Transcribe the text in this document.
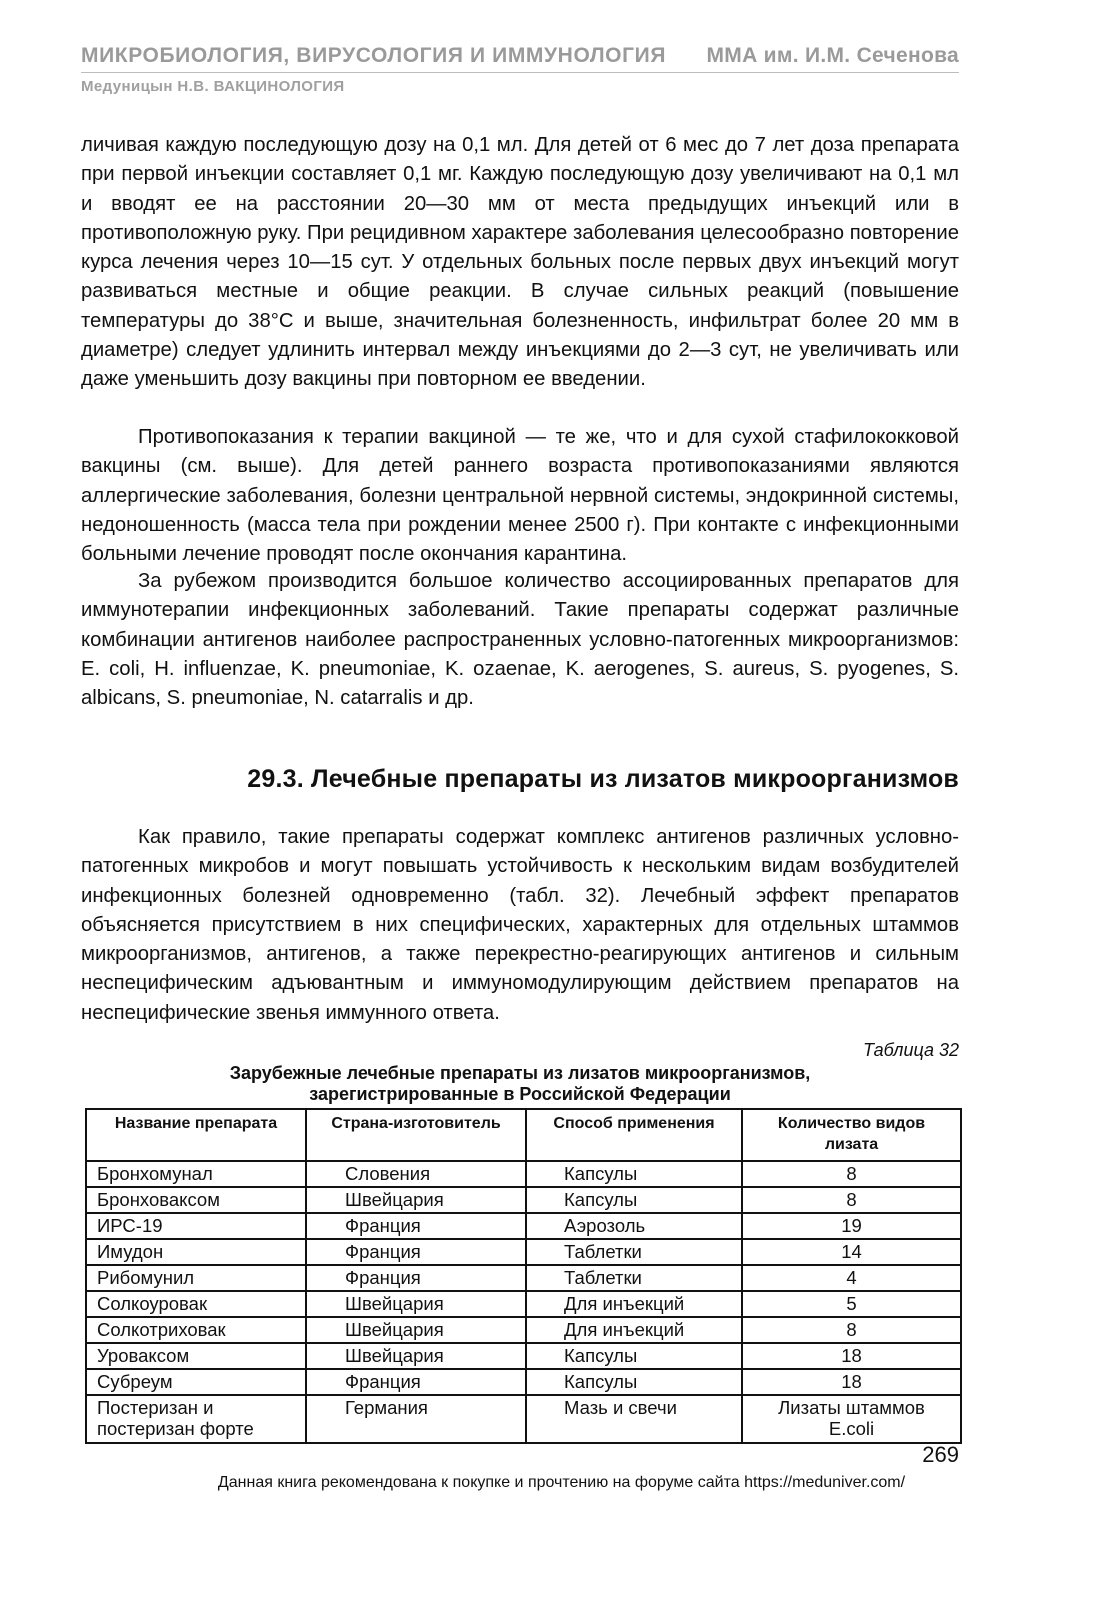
МИКРОБИОЛОГИЯ, ВИРУСОЛОГИЯ И ИММУНОЛОГИЯ ММА им. И.М. Сеченова
Медуницын Н.В. ВАКЦИНОЛОГИЯ
личивая каждую последующую дозу на 0,1 мл. Для детей от 6 мес до 7 лет доза препарата при первой инъекции составляет 0,1 мг. Каждую последующую дозу увеличивают на 0,1 мл и вводят ее на расстоянии 20—30 мм от места предыдущих инъекций или в противоположную руку. При рецидивном характере заболевания целесообразно повторение курса лечения через 10—15 сут. У отдельных больных после первых двух инъекций могут развиваться местные и общие реакции. В случае сильных реакций (повышение температуры до 38°С и выше, значительная болезненность, инфильтрат более 20 мм в диаметре) следует удлинить интервал между инъекциями до 2—3 сут, не увеличивать или даже уменьшить дозу вакцины при повторном ее введении.
Противопоказания к терапии вакциной — те же, что и для сухой стафилококковой вакцины (см. выше). Для детей раннего возраста противопоказаниями являются аллергические заболевания, болезни центральной нервной системы, эндокринной системы, недоношенность (масса тела при рождении менее 2500 г). При контакте с инфекционными больными лечение проводят после окончания карантина.
За рубежом производится большое количество ассоциированных препаратов для иммунотерапии инфекционных заболеваний. Такие препараты содержат различные комбинации антигенов наиболее распространенных условно-патогенных микроорганизмов: E. coli, H. influenzae, K. pneumoniae, K. ozaenae, K. aerogenes, S. aureus, S. pyogenes, S. albicans, S. pneumoniae, N. catarralis и др.
29.3. Лечебные препараты из лизатов микроорганизмов
Как правило, такие препараты содержат комплекс антигенов различных условно-патогенных микробов и могут повышать устойчивость к нескольким видам возбудителей инфекционных болезней одновременно (табл. 32). Лечебный эффект препаратов объясняется присутствием в них специфических, характерных для отдельных штаммов микроорганизмов, антигенов, а также перекрестно-реагирующих антигенов и сильным неспецифическим адъювантным и иммуномодулирующим действием препаратов на неспецифические звенья иммунного ответа.
Таблица 32
Зарубежные лечебные препараты из лизатов микроорганизмов,
зарегистрированные в Российской Федерации
Название препарата	Страна-изготовитель	Способ применения	Количество видов лизата
Бронхомунал	Словения	Капсулы	8
Бронховаксом	Швейцария	Капсулы	8
ИРС-19	Франция	Аэрозоль	19
Имудон	Франция	Таблетки	14
Рибомунил	Франция	Таблетки	4
Солкоуровак	Швейцария	Для инъекций	5
Солкотриховак	Швейцария	Для инъекций	8
Уроваксом	Швейцария	Капсулы	18
Субреум	Франция	Капсулы	18
Постеризан и постеризан форте	Германия	Мазь и свечи	Лизаты штаммов E.coli
269
Данная книга рекомендована к покупке и прочтению на форуме сайта https://meduniver.com/
